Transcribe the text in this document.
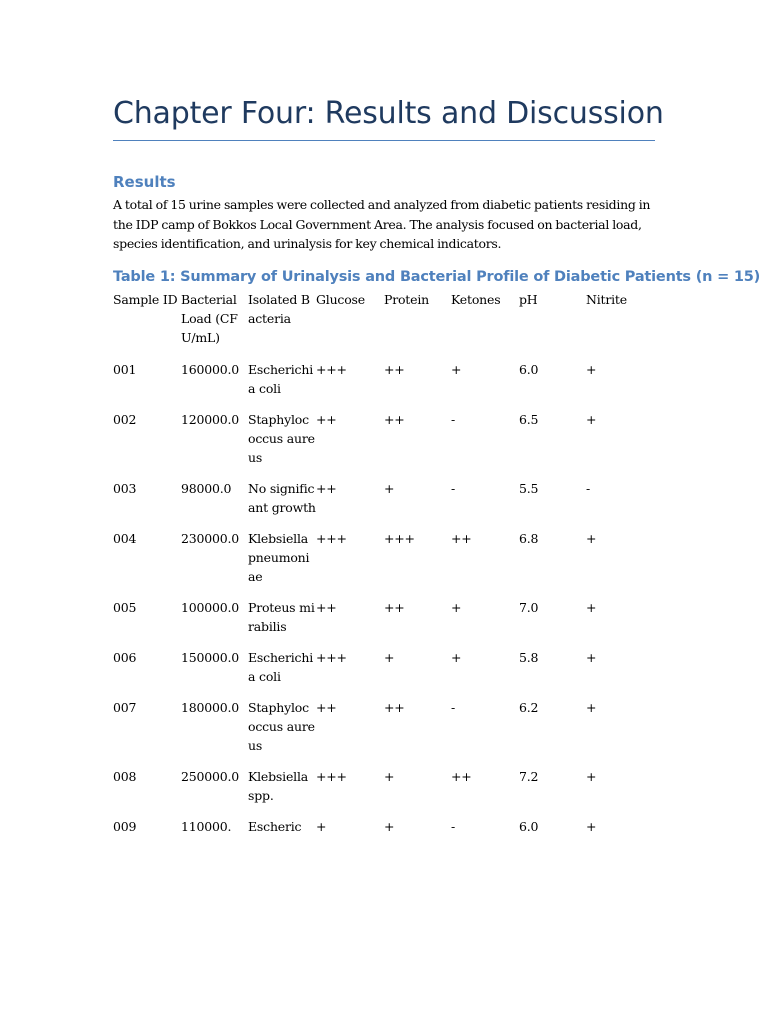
Chapter Four: Results and Discussion
Results

A total of 15 urine samples were collected and analyzed from diabetic patients residing in the IDP camp of Bokkos Local Government Area. The analysis focused on bacterial load, species identification, and urinalysis for key chemical indicators.

Table 1: Summary of Urinalysis and Bacterial Profile of Diabetic Patients (n = 15)
Sample ID	Bacterial Load (CFU/mL)	Isolated Bacteria	Glucose	Protein	Ketones	pH	Nitrite
001	160000.0	Escherichia coli	+++	++	+	6.0	+
002	120000.0	Staphylococcus aureus	++	++	-	6.5	+
003	98000.0	No significant growth	++	+	-	5.5	-
004	230000.0	Klebsiella pneumoniae	+++	+++	++	6.8	+
005	100000.0	Proteus mirabilis	++	++	+	7.0	+
006	150000.0	Escherichia coli	+++	+	+	5.8	+
007	180000.0	Staphylococcus aureus	++	++	-	6.2	+
008	250000.0	Klebsiella spp.	+++	+	++	7.2	+
009	110000.	Escheric	+	+	-	6.0	+
